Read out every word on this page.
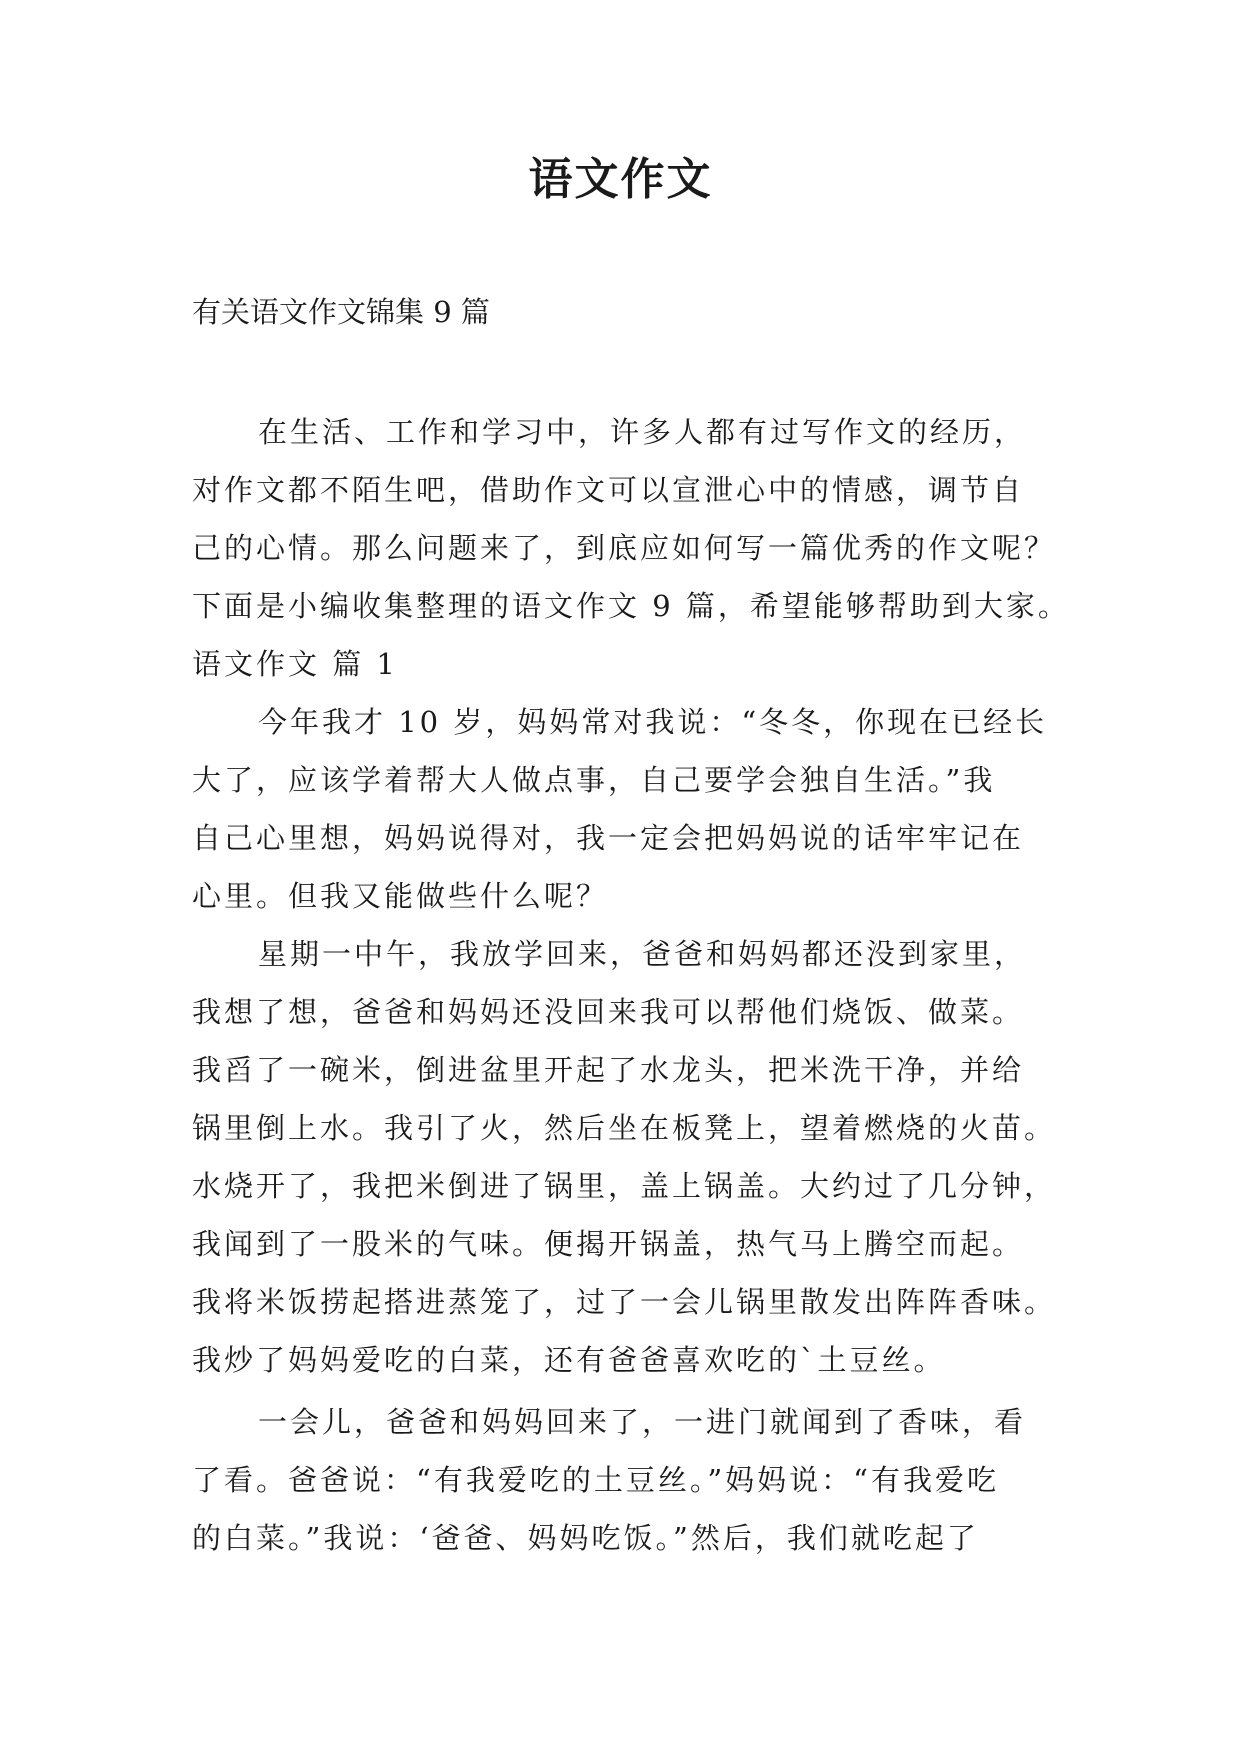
语文作文

有关语文作文锦集 9 篇

在生活、工作和学习中，许多人都有过写作文的经历，
对作文都不陌生吧，借助作文可以宣泄心中的情感，调节自
己的心情。那么问题来了，到底应如何写一篇优秀的作文呢？
下面是小编收集整理的语文作文 9 篇，希望能够帮助到大家。
语文作文 篇 1
今年我才 10 岁，妈妈常对我说：“冬冬，你现在已经长
大了，应该学着帮大人做点事，自己要学会独自生活。”我
自己心里想，妈妈说得对，我一定会把妈妈说的话牢牢记在
心里。但我又能做些什么呢？
星期一中午，我放学回来，爸爸和妈妈都还没到家里，
我想了想，爸爸和妈妈还没回来我可以帮他们烧饭、做菜。
我舀了一碗米，倒进盆里开起了水龙头，把米洗干净，并给
锅里倒上水。我引了火，然后坐在板凳上，望着燃烧的火苗。
水烧开了，我把米倒进了锅里，盖上锅盖。大约过了几分钟，
我闻到了一股米的气味。便揭开锅盖，热气马上腾空而起。
我将米饭捞起搭进蒸笼了，过了一会儿锅里散发出阵阵香味。
我炒了妈妈爱吃的白菜，还有爸爸喜欢吃的`土豆丝。
一会儿，爸爸和妈妈回来了，一进门就闻到了香味，看
了看。爸爸说：“有我爱吃的土豆丝。”妈妈说：“有我爱吃
的白菜。”我说：‘爸爸、妈妈吃饭。”然后，我们就吃起了
